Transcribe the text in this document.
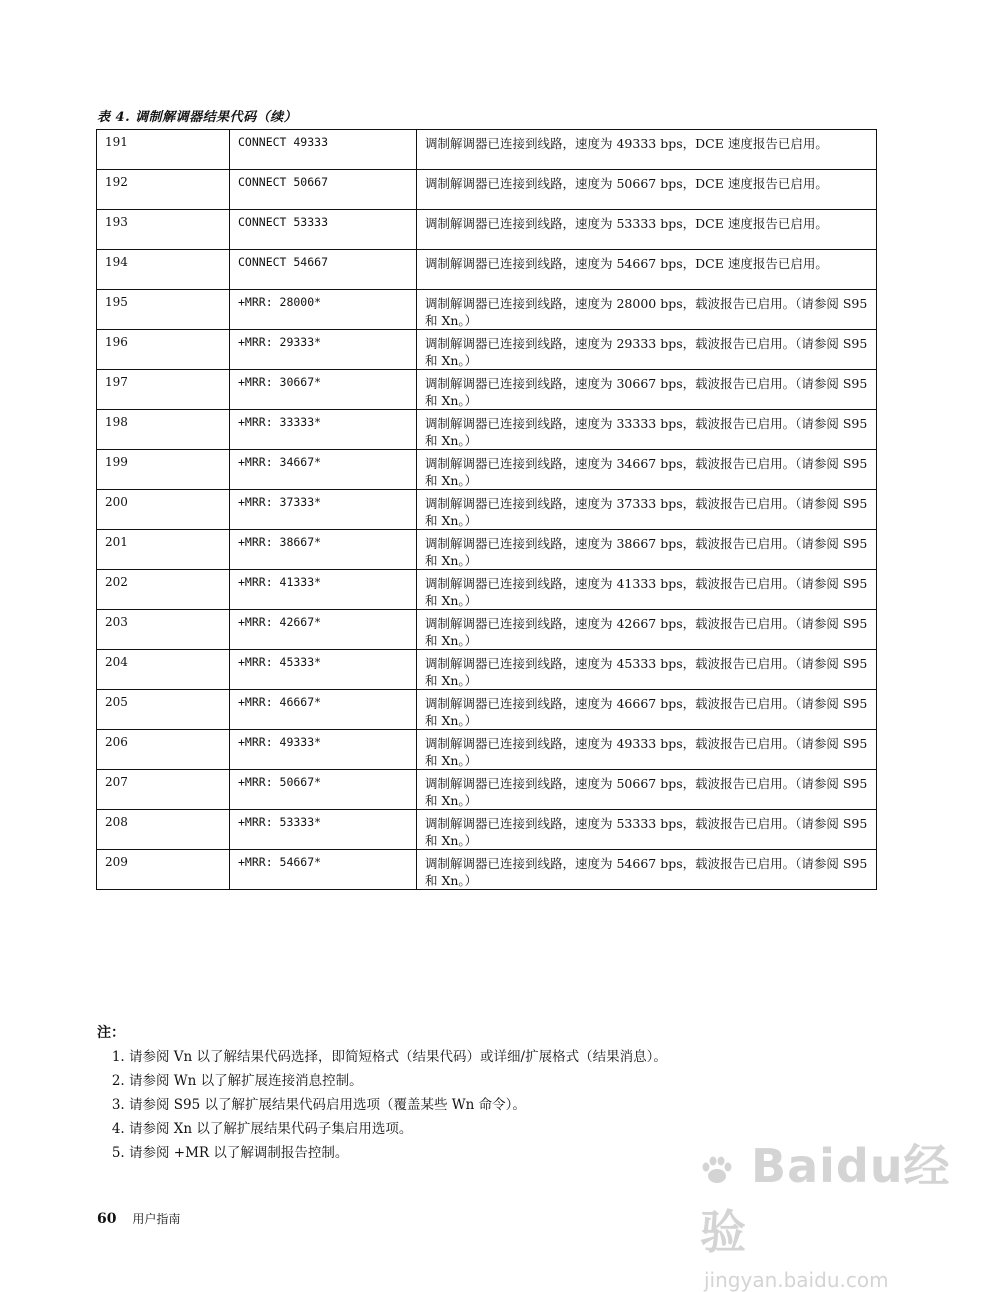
表 4. 调制解调器结果代码（续）
191	CONNECT 49333	调制解调器已连接到线路，速度为 49333 bps，DCE 速度报告已启用。
192	CONNECT 50667	调制解调器已连接到线路，速度为 50667 bps，DCE 速度报告已启用。
193	CONNECT 53333	调制解调器已连接到线路，速度为 53333 bps，DCE 速度报告已启用。
194	CONNECT 54667	调制解调器已连接到线路，速度为 54667 bps，DCE 速度报告已启用。
195	+MRR: 28000*	调制解调器已连接到线路，速度为 28000 bps，载波报告已启用。（请参阅 S95 和 Xn。）
196	+MRR: 29333*	调制解调器已连接到线路，速度为 29333 bps，载波报告已启用。（请参阅 S95 和 Xn。）
197	+MRR: 30667*	调制解调器已连接到线路，速度为 30667 bps，载波报告已启用。（请参阅 S95 和 Xn。）
198	+MRR: 33333*	调制解调器已连接到线路，速度为 33333 bps，载波报告已启用。（请参阅 S95 和 Xn。）
199	+MRR: 34667*	调制解调器已连接到线路，速度为 34667 bps，载波报告已启用。（请参阅 S95 和 Xn。）
200	+MRR: 37333*	调制解调器已连接到线路，速度为 37333 bps，载波报告已启用。（请参阅 S95 和 Xn。）
201	+MRR: 38667*	调制解调器已连接到线路，速度为 38667 bps，载波报告已启用。（请参阅 S95 和 Xn。）
202	+MRR: 41333*	调制解调器已连接到线路，速度为 41333 bps，载波报告已启用。（请参阅 S95 和 Xn。）
203	+MRR: 42667*	调制解调器已连接到线路，速度为 42667 bps，载波报告已启用。（请参阅 S95 和 Xn。）
204	+MRR: 45333*	调制解调器已连接到线路，速度为 45333 bps，载波报告已启用。（请参阅 S95 和 Xn。）
205	+MRR: 46667*	调制解调器已连接到线路，速度为 46667 bps，载波报告已启用。（请参阅 S95 和 Xn。）
206	+MRR: 49333*	调制解调器已连接到线路，速度为 49333 bps，载波报告已启用。（请参阅 S95 和 Xn。）
207	+MRR: 50667*	调制解调器已连接到线路，速度为 50667 bps，载波报告已启用。（请参阅 S95 和 Xn。）
208	+MRR: 53333*	调制解调器已连接到线路，速度为 53333 bps，载波报告已启用。（请参阅 S95 和 Xn。）
209	+MRR: 54667*	调制解调器已连接到线路，速度为 54667 bps，载波报告已启用。（请参阅 S95 和 Xn。）
注：
1. 请参阅 Vn 以了解结果代码选择，即简短格式（结果代码）或详细/扩展格式（结果消息）。
2. 请参阅 Wn 以了解扩展连接消息控制。
3. 请参阅 S95 以了解扩展结果代码启用选项（覆盖某些 Wn 命令）。
4. 请参阅 Xn 以了解扩展结果代码子集启用选项。
5. 请参阅 +MR 以了解调制报告控制。
60 用户指南
Baidu经验
jingyan.baidu.com
